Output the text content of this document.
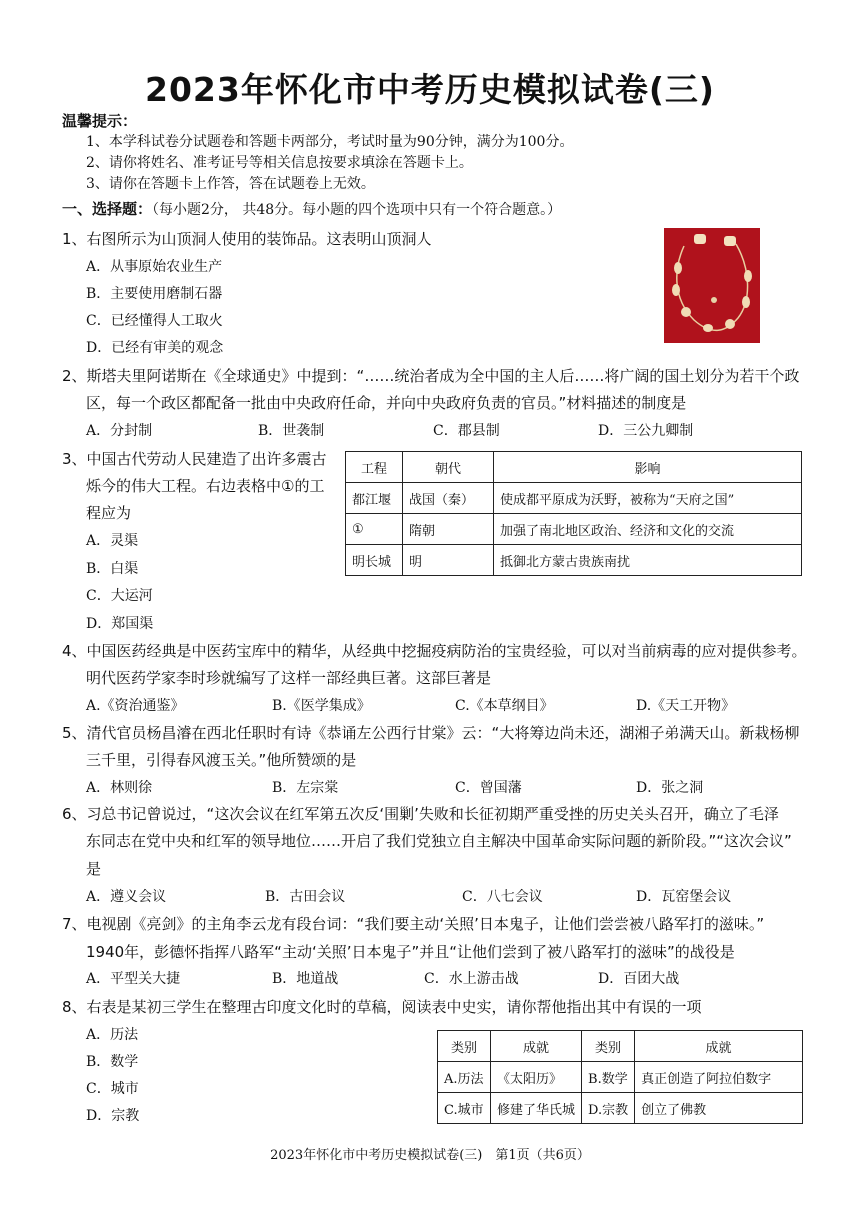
2023年怀化市中考历史模拟试卷(三)
温馨提示：
1、本学科试卷分试题卷和答题卡两部分，考试时量为90分钟，满分为100分。
2、请你将姓名、准考证号等相关信息按要求填涂在答题卡上。
3、请你在答题卡上作答，答在试题卷上无效。
一、选择题：（每小题2分， 共48分。每小题的四个选项中只有一个符合题意。）
1、右图所示为山顶洞人使用的装饰品。这表明山顶洞人
A．从事原始农业生产
B．主要使用磨制石器
C．已经懂得人工取火
D．已经有审美的观念
2、斯塔夫里阿诺斯在《全球通史》中提到：“……统治者成为全中国的主人后……将广阔的国土划分为若干个政
区，每一个政区都配备一批由中央政府任命，并向中央政府负责的官员。”材料描述的制度是
A．分封制	B．世袭制	C．郡县制	D．三公九卿制
3、中国古代劳动人民建造了出许多震古
烁今的伟大工程。右边表格中①的工
程应为
A．灵渠
B．白渠
C．大运河
D．郑国渠
工程	朝代	影响
都江堰	战国（秦）	使成都平原成为沃野，被称为“天府之国”
①	隋朝	加强了南北地区政治、经济和文化的交流
明长城	明	抵御北方蒙古贵族南扰
4、中国医药经典是中医药宝库中的精华，从经典中挖掘疫病防治的宝贵经验，可以对当前病毒的应对提供参考。
明代医药学家李时珍就编写了这样一部经典巨著。这部巨著是
A.《资治通鉴》	B.《医学集成》	C.《本草纲目》	D.《天工开物》
5、清代官员杨昌濬在西北任职时有诗《恭诵左公西行甘棠》云：“大将筹边尚未还，湖湘子弟满天山。新栽杨柳
三千里，引得春风渡玉关。”他所赞颂的是
A．林则徐	B．左宗棠	C．曾国藩	D．张之洞
6、习总书记曾说过，“这次会议在红军第五次反‘围剿’失败和长征初期严重受挫的历史关头召开，确立了毛泽
东同志在党中央和红军的领导地位……开启了我们党独立自主解决中国革命实际问题的新阶段。”“这次会议”
是
A．遵义会议	B．古田会议	C．八七会议	D．瓦窑堡会议
7、电视剧《亮剑》的主角李云龙有段台词：“我们要主动‘关照’日本鬼子，让他们尝尝被八路军打的滋味。”
1940年，彭德怀指挥八路军“主动‘关照’日本鬼子”并且“让他们尝到了被八路军打的滋味”的战役是
A．平型关大捷	B．地道战	C．水上游击战	D．百团大战
8、右表是某初三学生在整理古印度文化时的草稿，阅读表中史实，请你帮他指出其中有误的一项
A．历法
B．数学
C．城市
D．宗教
类别	成就	类别	成就
A.历法	《太阳历》	B.数学	真正创造了阿拉伯数字
C.城市	修建了华氏城	D.宗教	创立了佛教
2023年怀化市中考历史模拟试卷(三)　第1页（共6页）
